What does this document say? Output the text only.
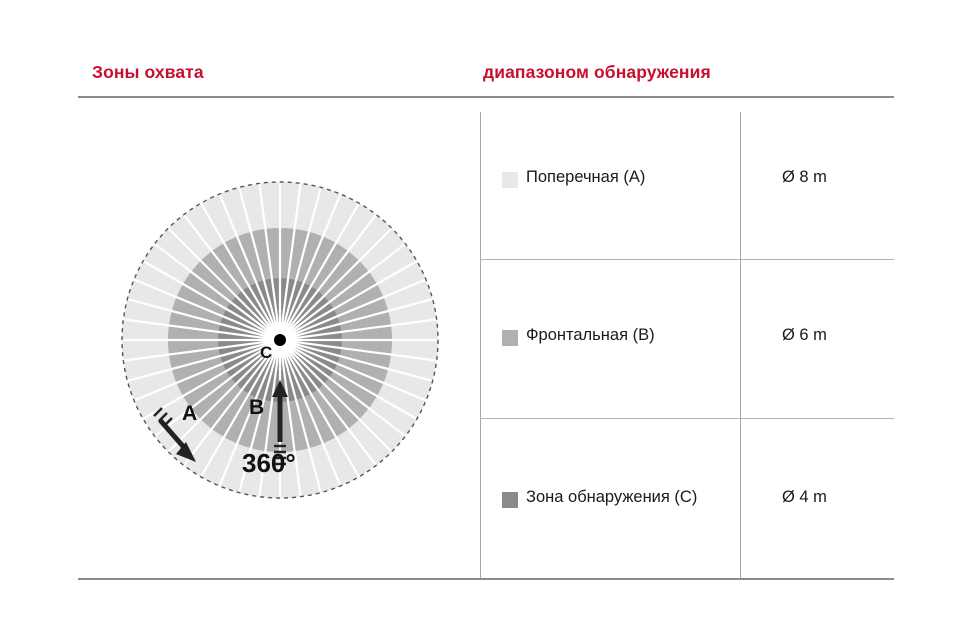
Зоны охвата	диапазоном обнаружения
Поперечная (A)	Ø 8 m
Фронтальная (B)	Ø 6 m
Зона обнаружения (C)	Ø 4 m
A B
C
360°
